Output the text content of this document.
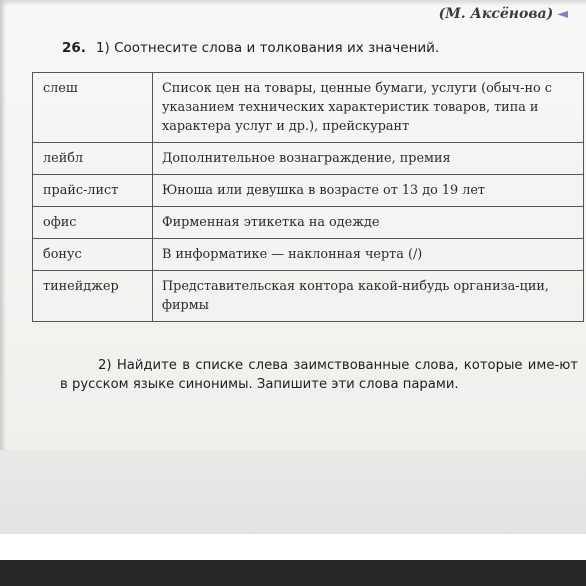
(М. Аксёнова) ◄
26. 1) Соотнесите слова и толкования их значений.
слеш	Список цен на товары, ценные бумаги, услуги (обыч-но с указанием технических характеристик товаров, типа и характера услуг и др.), прейскурант
лейбл	Дополнительное вознаграждение, премия
прайс-лист	Юноша или девушка в возрасте от 13 до 19 лет
офис	Фирменная этикетка на одежде
бонус	В информатике — наклонная черта (/)
тинейджер	Представительская контора какой-нибудь организа-ции, фирмы
2) Найдите в списке слева заимствованные слова, которые име-ют в русском языке синонимы. Запишите эти слова парами.
